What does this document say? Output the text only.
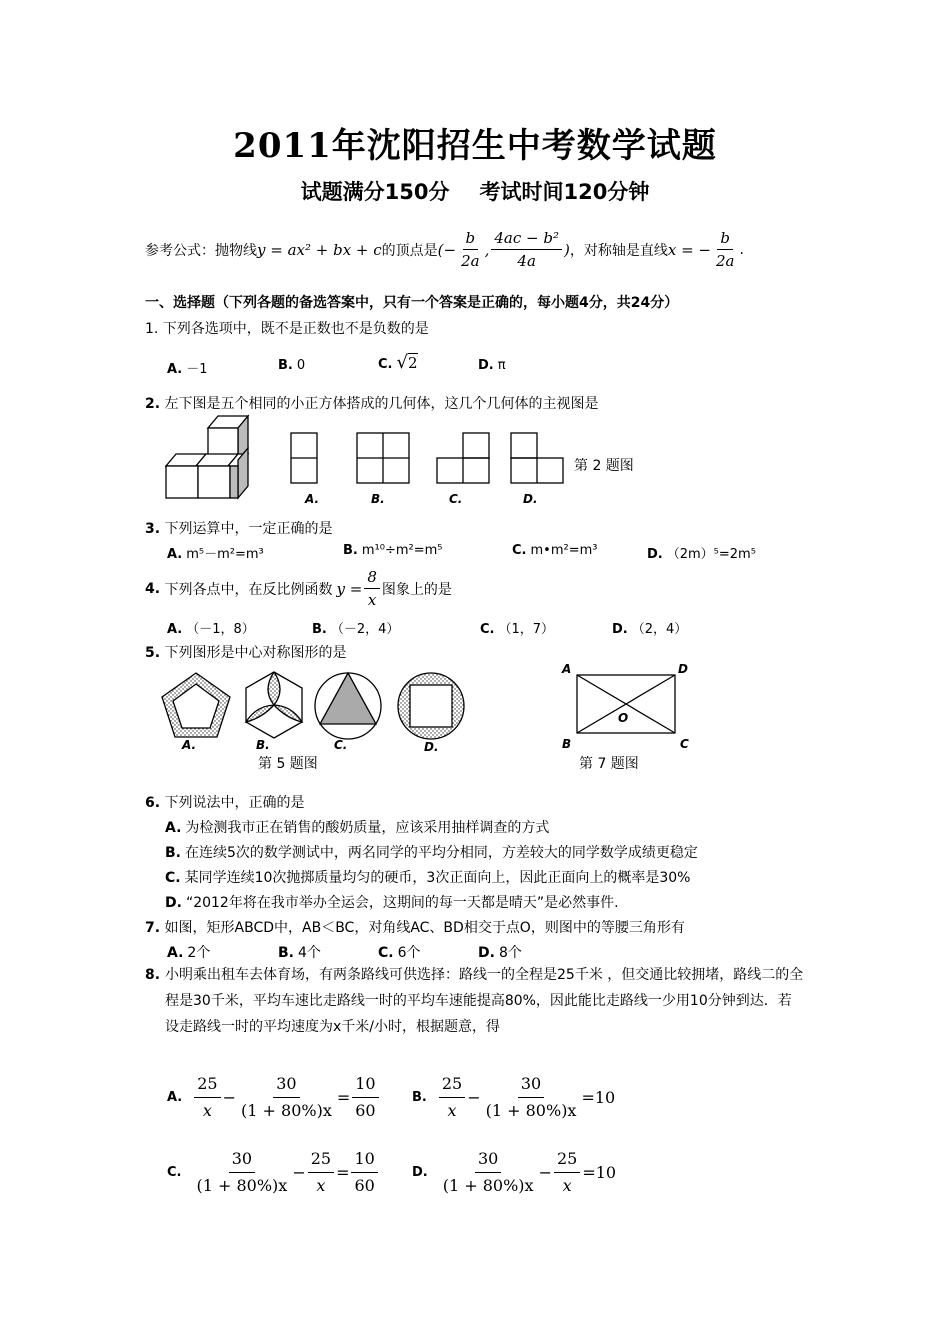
2011年沈阳招生中考数学试题
试题满分150分 考试时间120分钟
参考公式：抛物线 y = ax² + bx + c 的顶点是 (− $\frac{b}{2a}$ , $\frac{\text{4ac − b²}}{4a}$ ) ，对称轴是直线 x = − $\frac{b}{2a}$ .
一、选择题（下列各题的备选答案中，只有一个答案是正确的，每小题4分，共24分）
1. 下列各选项中，既不是正数也不是负数的是
A. －1	B. 0	C. √2	D. π
2. 左下图是五个相同的小正方体搭成的几何体，这几个几何体的主视图是
第 2 题图
A.	B.	C.	D.
3. 下列运算中，一定正确的是
A. m⁵－m²=m³	B. m¹⁰÷m²=m⁵	C. m•m²=m³	D. （2m）⁵=2m⁵
4.
下列各点中，在反比例函数 $y = \frac{8}{x}$ 图象上的是
A. （－1，8）	B. （－2，4）	C. （1，7）	D. （2，4）
5. 下列图形是中心对称图形的是
A.	B.	C.	D.
第 5 题图
A	D
B	C
O
第 7 题图
6. 下列说法中，正确的是
A. 为检测我市正在销售的酸奶质量，应该采用抽样调查的方式
B. 在连续5次的数学测试中，两名同学的平均分相同，方差较大的同学数学成绩更稳定
C. 某同学连续10次抛掷质量均匀的硬币，3次正面向上，因此正面向上的概率是30%
D. “2012年将在我市举办全运会，这期间的每一天都是晴天”是必然事件.
7. 如图，矩形ABCD中，AB＜BC，对角线AC、BD相交于点O，则图中的等腰三角形有
A. 2个	B. 4个	C. 6个	D. 8个
8. 小明乘出租车去体育场，有两条路线可供选择：路线一的全程是25千米 ，但交通比较拥堵，路线二的全程是30千米，平均车速比走路线一时的平均车速能提高80%，因此能比走路线一少用10分钟到达．若设走路线一时的平均速度为x千米/小时，根据题意，得
A. $\frac{25}{x} - \frac{30}{(1 + 80\%)x} = \frac{10}{60}$	B. $\frac{25}{x} - \frac{30}{(1 + 80\%)x} = 10$
C. $\frac{30}{(1 + 80\%)x} - \frac{25}{x} = \frac{10}{60}$	D. $\frac{30}{(1 + 80\%)x} - \frac{25}{x} = 10$
